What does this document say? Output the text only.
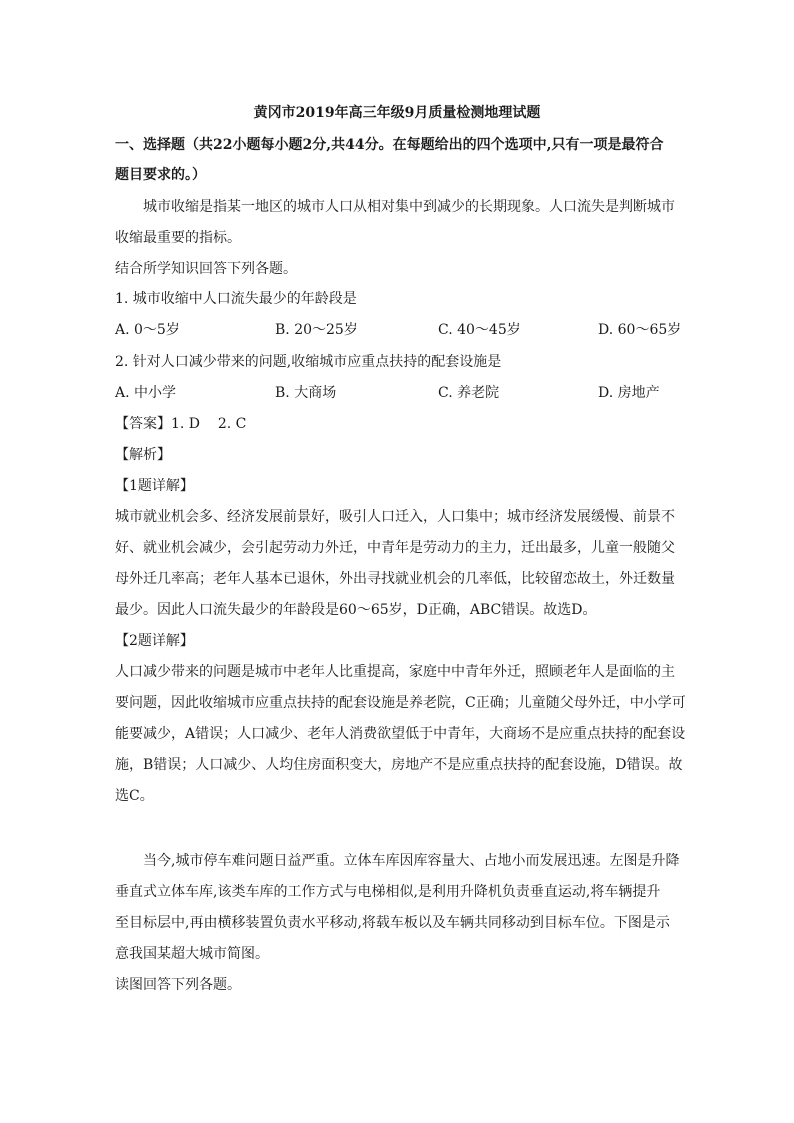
黄冈市2019年高三年级9月质量检测地理试题
一、选择题（共22小题每小题2分,共44分。在每题给出的四个选项中,只有一项是最符合
题目要求的。）
城市收缩是指某一地区的城市人口从相对集中到减少的长期现象。人口流失是判断城市
收缩最重要的指标。
结合所学知识回答下列各题。
1. 城市收缩中人口流失最少的年龄段是
A. 0～5岁	B. 20～25岁	C. 40～45岁	D. 60～65岁
2. 针对人口减少带来的问题,收缩城市应重点扶持的配套设施是
A. 中小学	B. 大商场	C. 养老院	D. 房地产
【答案】1. D    2. C
【解析】
【1题详解】
城市就业机会多、经济发展前景好，吸引人口迁入，人口集中；城市经济发展缓慢、前景不
好、就业机会减少，会引起劳动力外迁，中青年是劳动力的主力，迁出最多，儿童一般随父
母外迁几率高；老年人基本已退休，外出寻找就业机会的几率低，比较留恋故土，外迁数量
最少。因此人口流失最少的年龄段是60～65岁，D正确，ABC错误。故选D。
【2题详解】
人口减少带来的问题是城市中老年人比重提高，家庭中中青年外迁，照顾老年人是面临的主
要问题，因此收缩城市应重点扶持的配套设施是养老院，C正确；儿童随父母外迁，中小学可
能要减少，A错误；人口减少、老年人消费欲望低于中青年，大商场不是应重点扶持的配套设
施，B错误；人口减少、人均住房面积变大，房地产不是应重点扶持的配套设施，D错误。故
选C。
当今,城市停车难问题日益严重。立体车库因库容量大、占地小而发展迅速。左图是升降
垂直式立体车库,该类车库的工作方式与电梯相似,是利用升降机负责垂直运动,将车辆提升
至目标层中,再由横移装置负责水平移动,将载车板以及车辆共同移动到目标车位。下图是示
意我国某超大城市简图。
读图回答下列各题。
